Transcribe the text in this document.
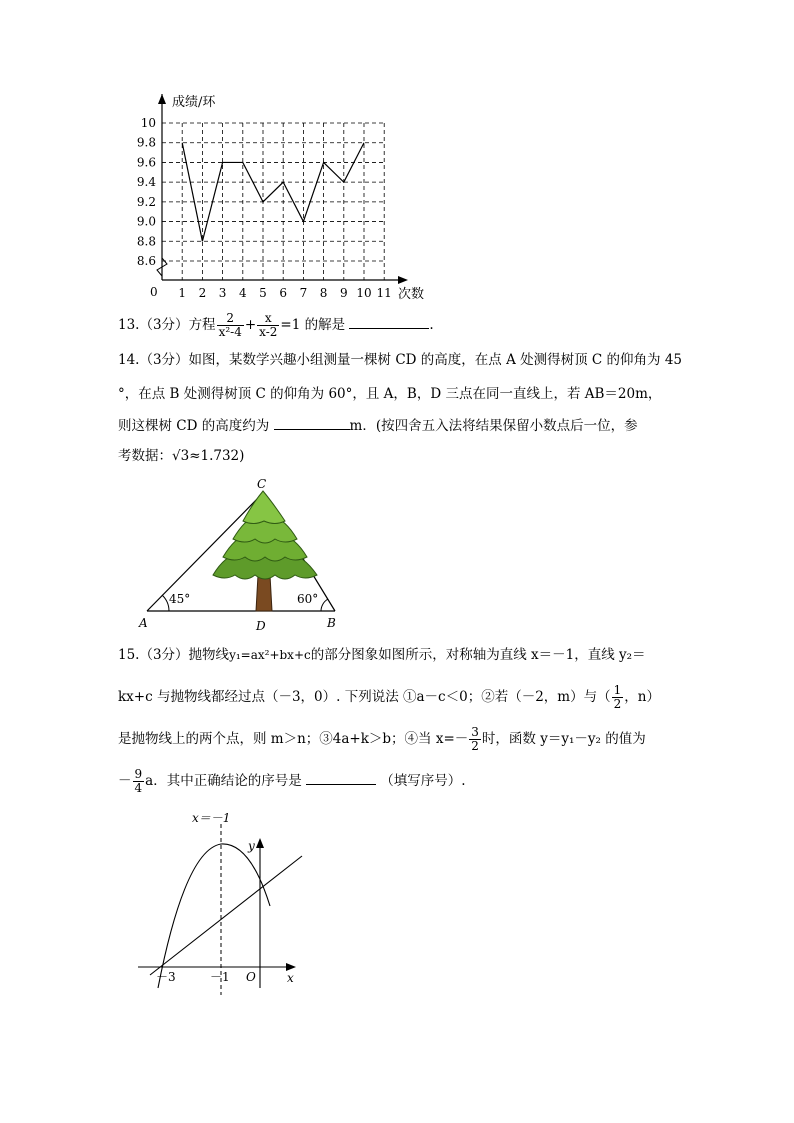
成绩/环
次数
0
10
9.8
9.6
9.4
9.2
9.0
8.8
8.6
1 2 3 4 5 6 7 8 9 10 11
13.（3分）方程 $\frac{2}{\text{x²-4}} + \frac{x}{x-2} =1$ 的解是	.
14.（3分）如图，某数学兴趣小组测量一棵树 CD 的高度，在点 A 处测得树顶 C 的仰角为 45
°，在点 B 处测得树顶 C 的仰角为 60°，且 A，B，D 三点在同一直线上，若 AB＝20m，
则这棵树 CD 的高度约为	m．(按四舍五入法将结果保留小数点后一位，参
考数据：√3≈1.732)
45°	60°
C
A	B
D
15.（3分）抛物线y₁=ax²+bx+c的部分图象如图所示，对称轴为直线 x＝－1，直线 y₂＝
kx+c 与抛物线都经过点（－3，0）. 下列说法 ①a－c＜0；②若（－2，m）与（ $\frac{1}{2}$ ，n）
是抛物线上的两个点，则 m＞n；③4a+k＞b；④当 $x=- \frac{3}{2}$ 时，函数 y＝y₁－y₂ 的值为
－ $\frac{9}{4}$ a．其中正确结论的序号是	（填写序号）.
x＝－1
y
x
O
－3	－1
